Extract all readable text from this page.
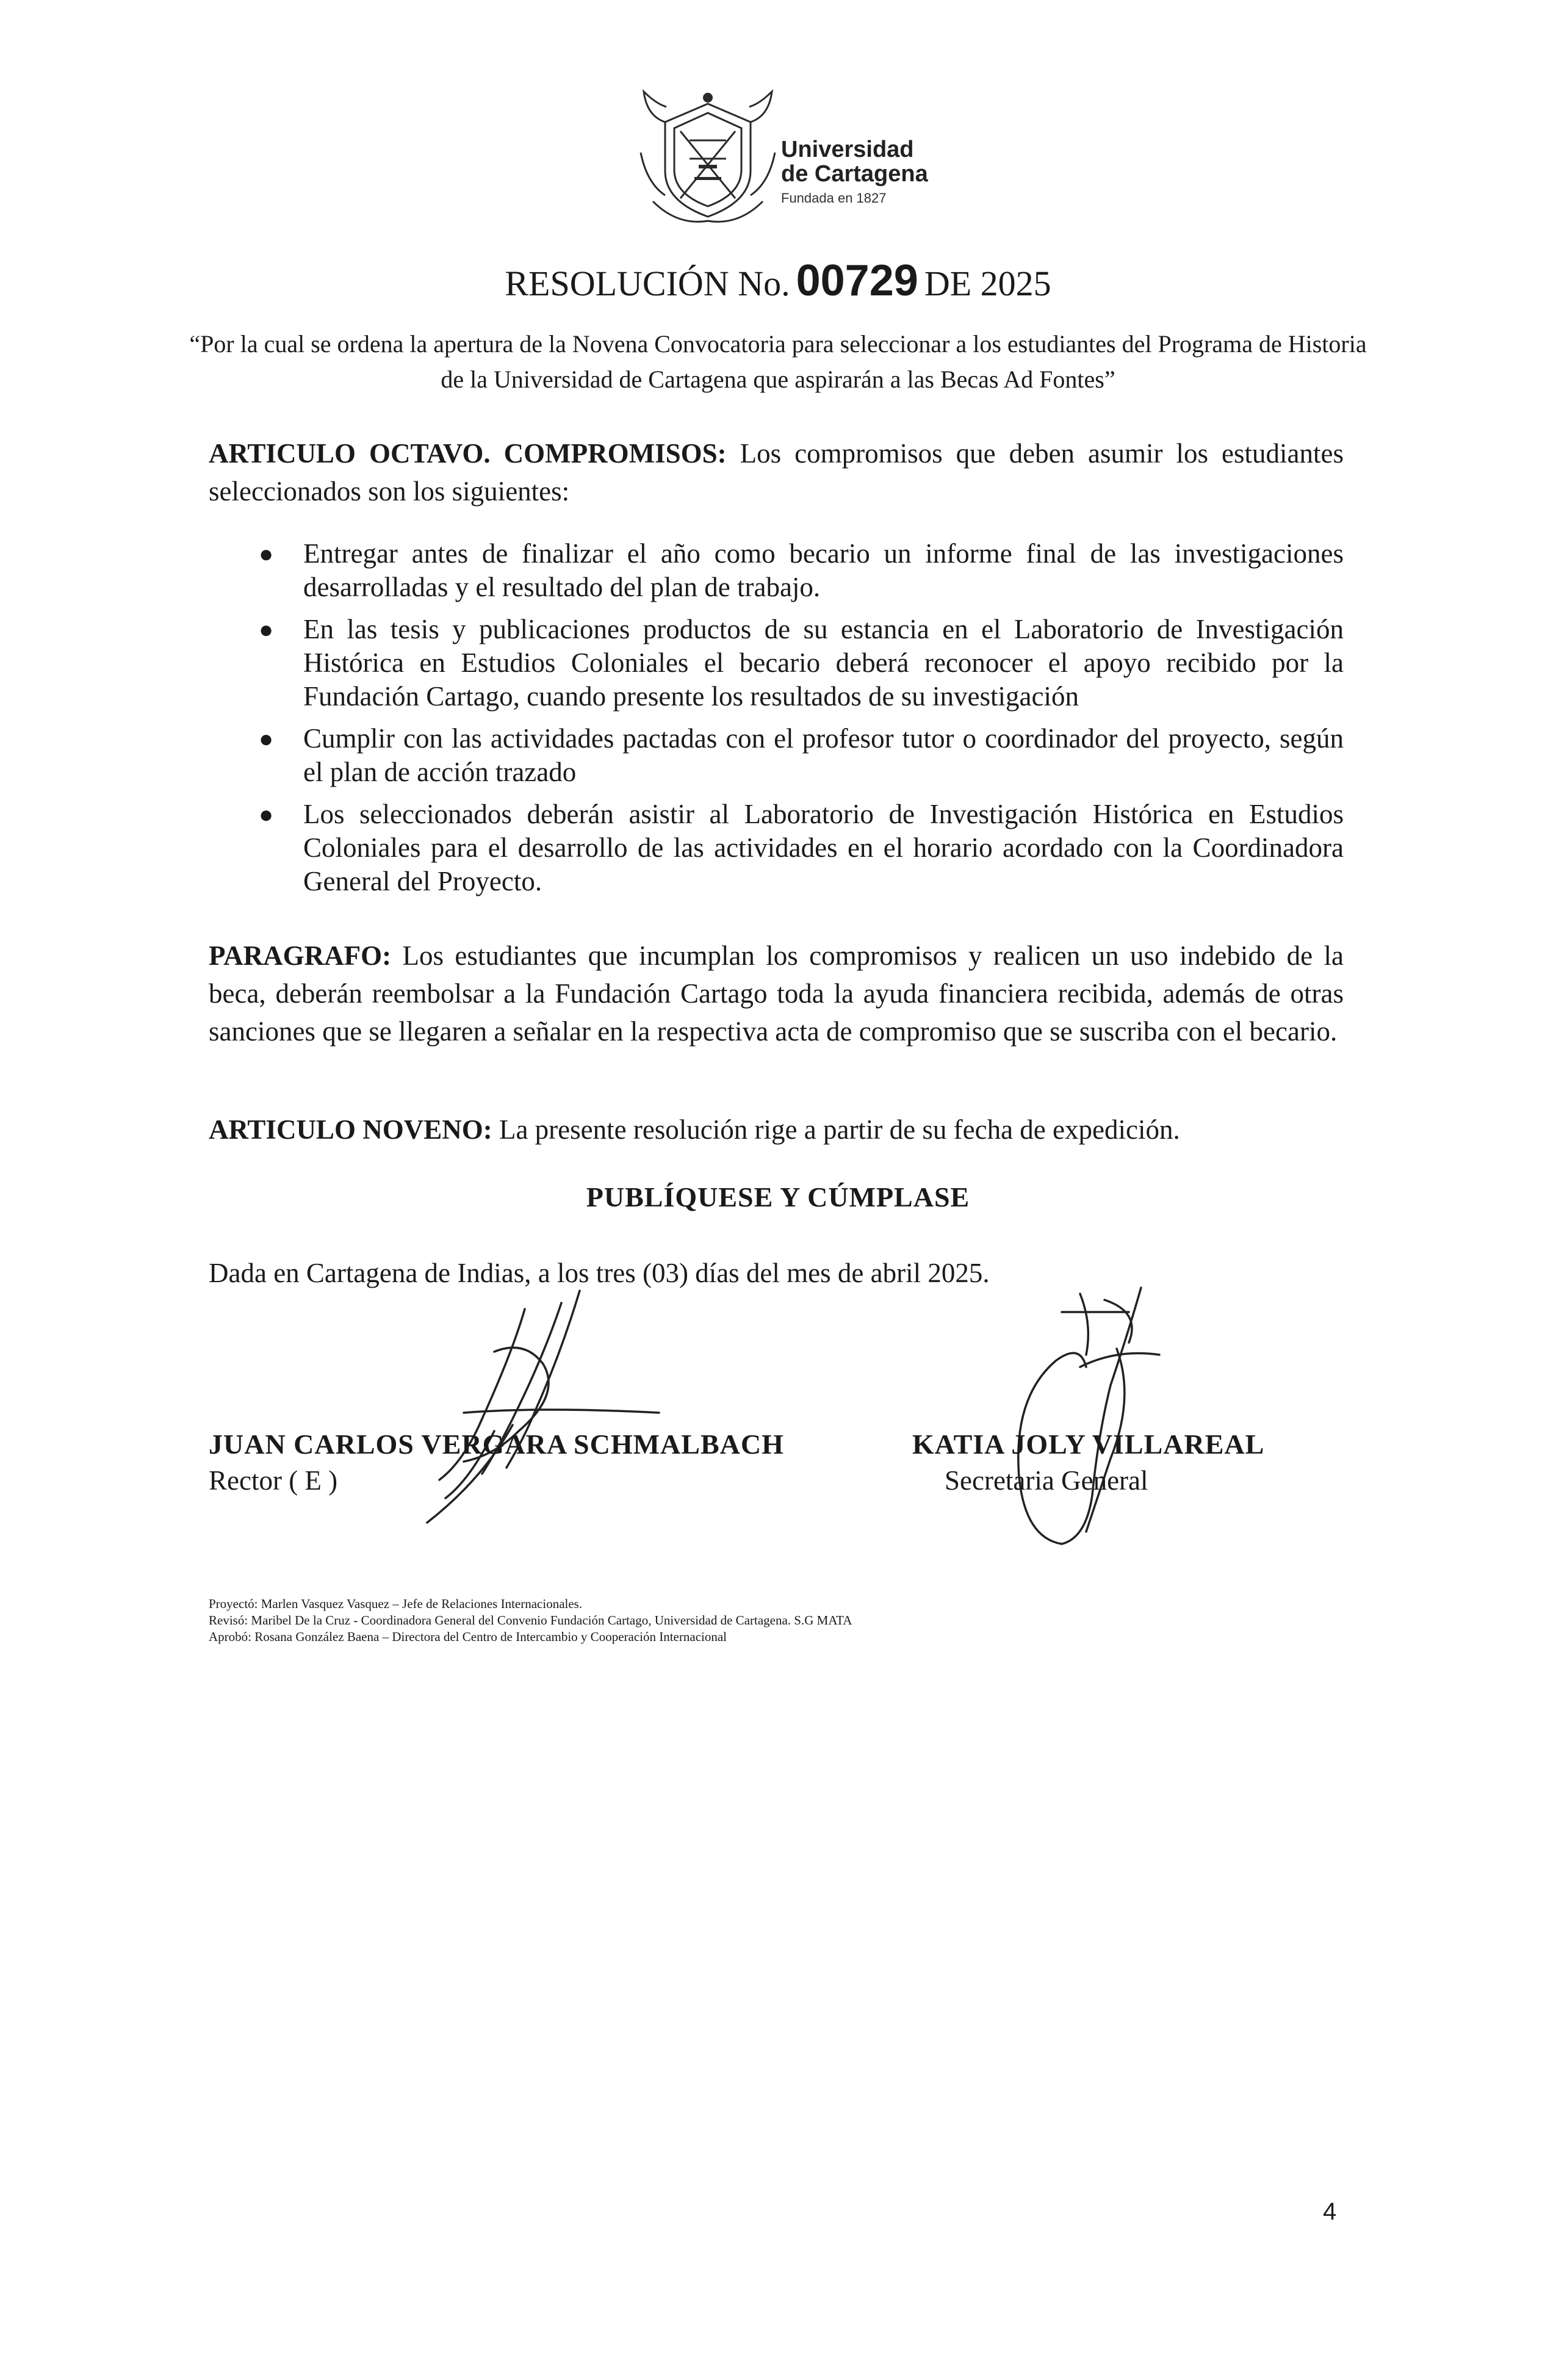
Universidad
de Cartagena
Fundada en 1827
RESOLUCIÓN No. 00729 DE 2025
“Por la cual se ordena la apertura de la Novena Convocatoria para seleccionar a los estudiantes del Programa de Historia de la Universidad de Cartagena que aspirarán a las Becas Ad Fontes”
ARTICULO OCTAVO. COMPROMISOS: Los compromisos que deben asumir los estudiantes seleccionados son los siguientes:
● Entregar antes de finalizar el año como becario un informe final de las investigaciones desarrolladas y el resultado del plan de trabajo.
● En las tesis y publicaciones productos de su estancia en el Laboratorio de Investigación Histórica en Estudios Coloniales el becario deberá reconocer el apoyo recibido por la Fundación Cartago, cuando presente los resultados de su investigación
● Cumplir con las actividades pactadas con el profesor tutor o coordinador del proyecto, según el plan de acción trazado
● Los seleccionados deberán asistir al Laboratorio de Investigación Histórica en Estudios Coloniales para el desarrollo de las actividades en el horario acordado con la Coordinadora General del Proyecto.
PARAGRAFO: Los estudiantes que incumplan los compromisos y realicen un uso indebido de la beca, deberán reembolsar a la Fundación Cartago toda la ayuda financiera recibida, además de otras sanciones que se llegaren a señalar en la respectiva acta de compromiso que se suscriba con el becario.
ARTICULO NOVENO: La presente resolución rige a partir de su fecha de expedición.
PUBLÍQUESE Y CÚMPLASE
Dada en Cartagena de Indias, a los tres (03) días del mes de abril 2025.
JUAN CARLOS VERGARA SCHMALBACH
Rector ( E )
KATIA JOLY VILLAREAL
Secretaria General
Proyectó: Marlen Vasquez Vasquez – Jefe de Relaciones Internacionales.
Revisó: Maribel De la Cruz - Coordinadora General del Convenio Fundación Cartago, Universidad de Cartagena. S.G MATA
Aprobó: Rosana González Baena – Directora del Centro de Intercambio y Cooperación Internacional
4
